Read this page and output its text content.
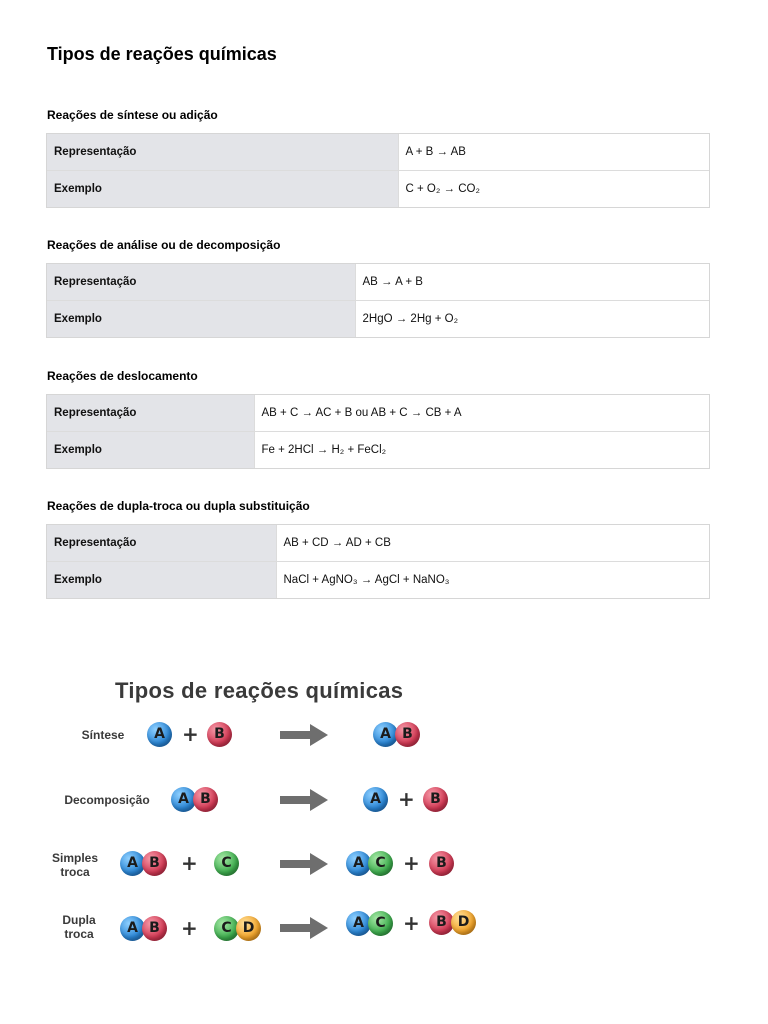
Tipos de reações químicas
Reações de síntese ou adição
Representação	A + B → AB
Exemplo	C + O₂ → CO₂
Reações de análise ou de decomposição
Representação	AB → A + B
Exemplo	2HgO → 2Hg + O₂
Reações de deslocamento
Representação	AB + C → AC + B ou AB + C → CB + A
Exemplo	Fe + 2HCl → H₂ + FeCl₂
Reações de dupla-troca ou dupla substituição
Representação	AB + CD → AD + CB
Exemplo	NaCl + AgNO₃ → AgCl + NaNO₃
Tipos de reações químicas
Síntese	A +	B	A B
Decomposição	A B	A +	B
Simples troca
A B	+	C	A C +	B
Dupla troca	A B	+	C D	A C +	B D
